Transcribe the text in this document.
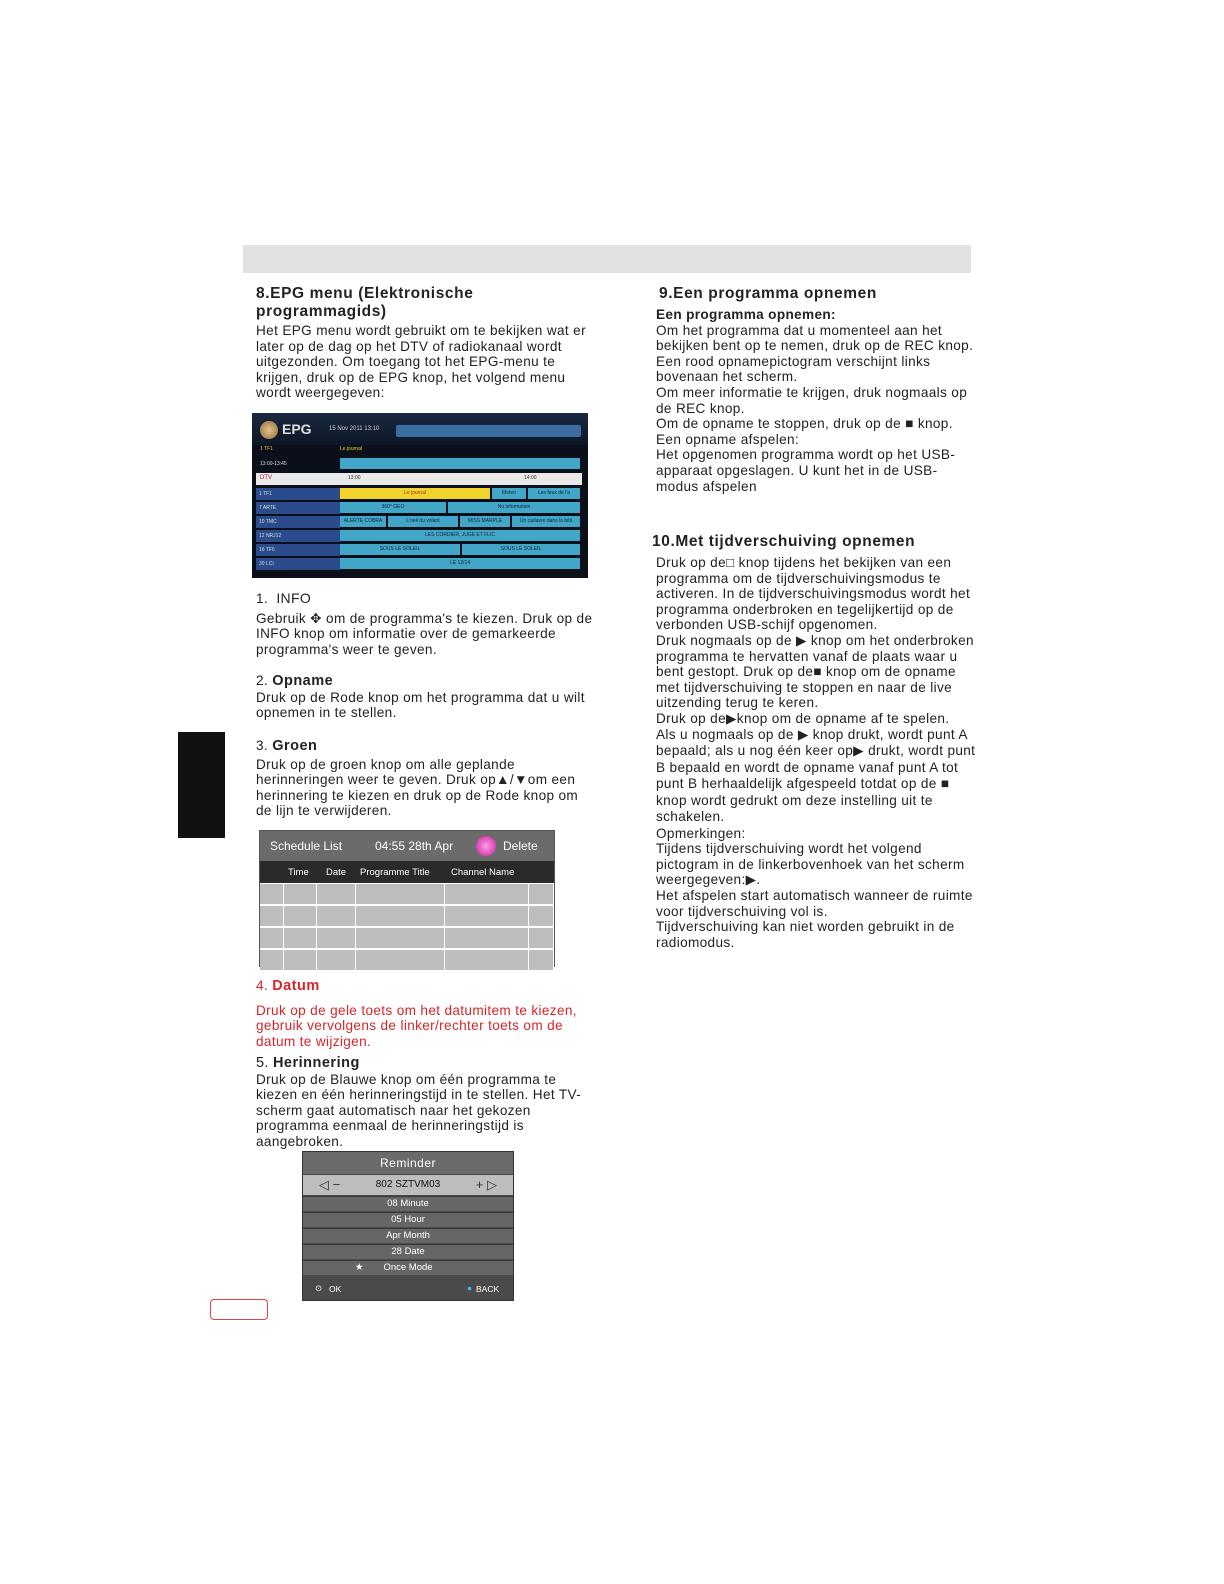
8.EPG menu (Elektronische programmagids)

Het EPG menu wordt gebruikt om te bekijken wat er later op de dag op het DTV of radiokanaal wordt uitgezonden. Om toegang tot het EPG-menu te krijgen, druk op de EPG knop, het volgend menu wordt weergegeven:

EPG	15 Nov 2011 13:10
1 TF1	Le journal
13:00-13:45
DTV	13:00	14:00
1 TF1	Le journal	Meteo	Les feux de l'a
7 ARTE	360° GEO	No information
10 TMC	ALERTE COBRA	L'oeil du volant	MISS MARPLE	Un cadavre dans la bibl
12 NRJ12	LES CORDIER, JUGE ET FLIC
16 TF6	SOUS LE SOLEIL	SOUS LE SOLEIL
30 LCI	LE 12/14
1. INFO

Gebruik ✥ om de programma's te kiezen. Druk op de INFO knop om informatie over de gemarkeerde programma's weer te geven.

2. Opname

Druk op de Rode knop om het programma dat u wilt opnemen in te stellen.

3. Groen

Druk op de groen knop om alle geplande herinneringen weer te geven. Druk op▲/▼om een herinnering te kiezen en druk op de Rode knop om de lijn te verwijderen.

Schedule List	04:55 28th Apr	Delete
Time Date Programme Title Channel Name
4. Datum

Druk op de gele toets om het datumitem te kiezen, gebruik vervolgens de linker/rechter toets om de datum te wijzigen.

5. Herinnering

Druk op de Blauwe knop om één programma te kiezen en één herinneringstijd in te stellen. Het TV-scherm gaat automatisch naar het gekozen programma eenmaal de herinneringstijd is aangebroken.

Reminder
◁ −	802 SZTVM03	+ ▷
08 Minute
05 Hour
Apr Month
28 Date
★ Once Mode
⊙ OK	● BACK
9.Een programma opnemen
Een programma opnemen:

Om het programma dat u momenteel aan het bekijken bent op te nemen, druk op de REC knop.

Een rood opnamepictogram verschijnt links bovenaan het scherm.

Om meer informatie te krijgen, druk nogmaals op de REC knop.

Om de opname te stoppen, druk op de ■ knop.

Een opname afspelen:

Het opgenomen programma wordt op het USB-apparaat opgeslagen. U kunt het in de USB-modus afspelen

10.Met tijdverschuiving opnemen

Druk op de□ knop tijdens het bekijken van een programma om de tijdverschuivingsmodus te activeren. In de tijdverschuivingsmodus wordt het programma onderbroken en tegelijkertijd op de verbonden USB-schijf opgenomen.

Druk nogmaals op de ▶ knop om het onderbroken programma te hervatten vanaf de plaats waar u bent gestopt. Druk op de■ knop om de opname met tijdverschuiving te stoppen en naar de live uitzending terug te keren.

Druk op de▶knop om de opname af te spelen.

Als u nogmaals op de ▶ knop drukt, wordt punt A bepaald; als u nog één keer op▶ drukt, wordt punt B bepaald en wordt de opname vanaf punt A tot punt B herhaaldelijk afgespeeld totdat op de ■ knop wordt gedrukt om deze instelling uit te schakelen.

Opmerkingen:

Tijdens tijdverschuiving wordt het volgend pictogram in de linkerbovenhoek van het scherm weergegeven:▶.

Het afspelen start automatisch wanneer de ruimte voor tijdverschuiving vol is.

Tijdverschuiving kan niet worden gebruikt in de radiomodus.
